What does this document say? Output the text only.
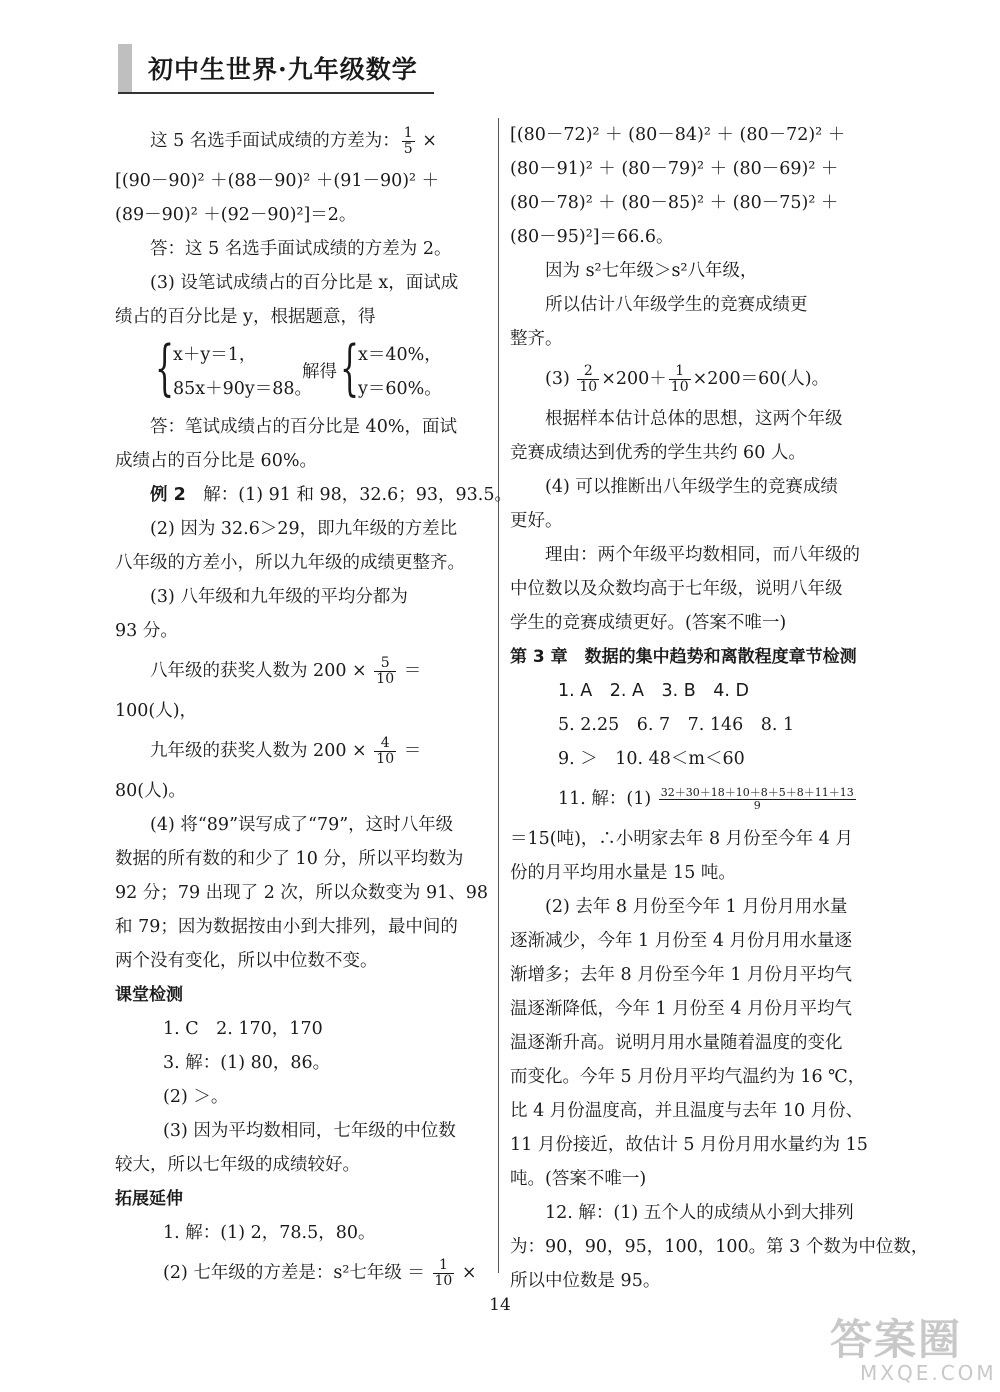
初中生世界·九年级数学
这 5 名选手面试成绩的方差为： $\frac{1}{5}$ ×
[(90－90)² ＋(88－90)² ＋(91－90)² ＋
(89－90)² ＋(92－90)²]＝2。
答：这 5 名选手面试成绩的方差为 2。
(3) 设笔试成绩占的百分比是 x，面试成
绩占的百分比是 y，根据题意，得
{
x＋y＝1，
85x＋90y＝88。
解得 {
x＝40%，
y＝60%。
答：笔试成绩占的百分比是 40%，面试
成绩占的百分比是 60%。
例 2　 解：(1) 91 和 98，32.6；93，93.5。
(2) 因为 32.6＞29，即九年级的方差比
八年级的方差小，所以九年级的成绩更整齐。
(3) 八年级和九年级的平均分都为
93 分。
八年级的获奖人数为 $200 \times \frac{5}{10}$ ＝
100(人)，
九年级的获奖人数为 $200 \times \frac{4}{10}$ ＝
80(人)。
(4) 将“89”误写成了“79”，这时八年级
数据的所有数的和少了 10 分，所以平均数为
92 分；79 出现了 2 次，所以众数变为 91、98
和 79；因为数据按由小到大排列，最中间的
两个没有变化，所以中位数不变。
课堂检测
1. C　2. 170，170
3. 解：(1) 80，86。
(2) ＞。
(3) 因为平均数相同，七年级的中位数
较大，所以七年级的成绩较好。
拓展延伸
1. 解：(1) 2，78.5，80。
(2) 七年级的方差是：s²七年级 ＝ $\frac{1}{10}$ ×
[(80－72)² ＋ (80－84)² ＋ (80－72)² ＋
(80－91)² ＋ (80－79)² ＋ (80－69)² ＋
(80－78)² ＋ (80－85)² ＋ (80－75)² ＋
(80－95)²]＝66.6。
因为 s²七年级＞s²八年级，
所以估计八年级学生的竞赛成绩更
整齐。
$(3) \frac{2}{10} \times 200+ \frac{1}{10} \times 200=60$(人)。
根据样本估计总体的思想，这两个年级
竞赛成绩达到优秀的学生共约 60 人。
(4) 可以推断出八年级学生的竞赛成绩
更好。
理由：两个年级平均数相同，而八年级的
中位数以及众数均高于七年级，说明八年级
学生的竞赛成绩更好。(答案不唯一)
第 3 章　数据的集中趋势和离散程度章节检测
1. A　2. A　3. B　4. D
5. 2.25　6. 7　7. 146　8. 1
9. ＞　10. 48＜m＜60
11. 解：$(1) \frac{32+30+18+10+8+5+8+11+13}{9}$
＝15(吨)，∴小明家去年 8 月份至今年 4 月
份的月平均用水量是 15 吨。
(2) 去年 8 月份至今年 1 月份月用水量
逐渐减少，今年 1 月份至 4 月份月用水量逐
渐增多；去年 8 月份至今年 1 月份月平均气
温逐渐降低，今年 1 月份至 4 月份月平均气
温逐渐升高。说明月用水量随着温度的变化
而变化。今年 5 月份月平均气温约为 16 ℃，
比 4 月份温度高，并且温度与去年 10 月份、
11 月份接近，故估计 5 月份月用水量约为 15
吨。(答案不唯一)
12. 解：(1) 五个人的成绩从小到大排列
为：90，90，95，100，100。第 3 个数为中位数，
所以中位数是 95。
14
答案圈
MXQE.COM
